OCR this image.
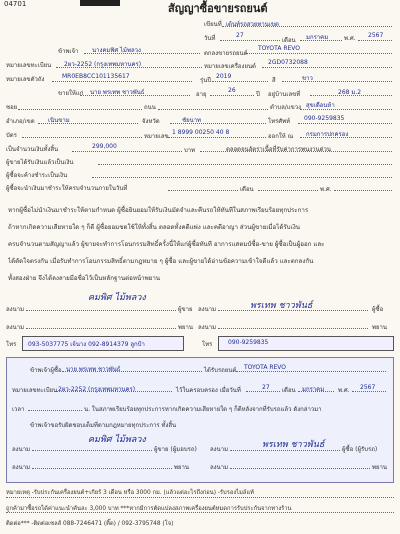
04701	สัญญาซื้อขายรถยนต์
เขียนที่ เต้นท์รถสวยทานเขต
วันที่	27
เดือน มกราคม	พ.ศ. 2567
ข้าพเจ้า นางคมพิศ ไม้พลวง	ตกลงขายรถยนต์
TOYOTA REVO
หมายเลขทะเบียน 2ผว-2252 (กรุงเทพมหานคร)	หมายเลขเครื่องยนต์
2GD0732088
หมายเลขตัวถัง	MR0EB8CC101135617
รุ่นปี
2019
สี	ขาว
ขายให้แก่ นาย พรเทพ ชาวพันธ์	อายุ
26
ปี อยู่บ้านเลขที่	268 ม.2
ซอย	ถนน	ตำบล/แขวง สุขเดือนห้า
อำเภอ/เขต เนินขาม	จังหวัด	ชัยนาท	โทรศัพท์ 090-9259835
บัตร	หมายเลข
1 8999 00250 40 8
ออกให้ ณ กรมการปกครอง
เป็นจำนวนเงินทั้งสิ้น	299,000
บาท	ตลอดจนอัตราเนื้อที่รับค่าการพนงานด่วน
ผู้ขายได้รับเงินแล้วเป็นเงิน
ผู้ซื้อจะค้างชำระเป็นเงิน
ผู้ซื้อจะนำเงินมาชำระให้ครบจำนวนภายในวันที่	เดือน	พ.ศ.
หากผู้ซื้อไม่นำเงินมาชำระให้ตามกำหนด ผู้ซื้อยินยอมให้รับเงินมัดจำและคืนรถให้ทันทีในสภาพเรียบร้อยทุกประการ
ถ้าหากเกิดความเสียหายใด ๆ ก็ดี ผู้ซื้อยอมชดใช้ให้ทั้งสิ้น ตลอดทั้งคดีแพ่ง และคดีอาญา ส่วนผู้ขายเมื่อได้รับเงิน
ครบจำนวนตามสัญญาแล้ว ผู้ขายจะทำการโอนกรรมสิทธิ์ครั้งนี้ให้แก่ผู้ซื้อทันที อาการแสตมป์ซื้อ-ขาย ผู้ซื้อเป็นผู้ออก และ
ได้ตัดใจตรงกัน เมื่อรับทำการโอนกรรมสิทธิ์ตามกฎหมาย ๆ ผู้ซื้อ และผู้ขายได้อ่านข้อความเข้าใจดีแล้ว และตกลงกัน
ทั้งสองฝ่าย จึงได้ลงลายมือชื่อไว้เป็นหลักฐานต่อหน้าพยาน
คมพิศ ไม้พลวง
ลงนาม	ผู้ขาย ลงนาม	พรเทพ ชาวพันธ์	ผู้ซื้อ
ลงนาม	พยาน ลงนาม	พยาน
โทร 093-5037775 เจ้นาง 092-8914379 ลูกป้า	โทร	090-9259835
ข้าพเจ้าผู้ซื้อ นาย พรเทพ ชาวพันธ์	ได้รับรถยนต์ TOYOTA REVO
หมายเลขทะเบียน 2ผว-2252 (กรุงเทพมหานคร)	ไว้ในครอบครอง เมื่อวันที่	27 เดือน มกราคม พ.ศ. 2567
เวลา	น. ในสภาพเรียบร้อยทุกประการหากเกิดความเสียหายใด ๆ ก็ดีหลังจากที่รับรถแล้ว ดังกล่าวมา
ข้าพเจ้าขอรับผิดชอบเต็มที่ตามกฎหมายทุกประการ ทั้งสิ้น
คมพิศ ไม้พลวง
ลงนาม	ผู้ขาย (ผู้มอบรถ) ลงนาม	พรเทพ ชาวพันธ์	ผู้ซื้อ (ผู้รับรถ)
ลงนาม	พยาน	ลงนาม	พยาน
หมายเหตุ -รับประกันเครื่องยนต์+เกียร์ 3 เดือน หรือ 3000 กม. (แล้วแต่อะไรถึงก่อน) -รับรองไมล์แท้
ถูกค้ามาซื้อรถได้ค่าแนะนำคันละ 3,000 บาท ***หากมีการตัดแปลงสภาพเครื่องยนต์หมดการรับประกันจากทางร้าน
ติดต่อ*** -ติดต่อเซลส์ 088-7246471 (ติ๊ด) / 092-3795748 (โจ)
